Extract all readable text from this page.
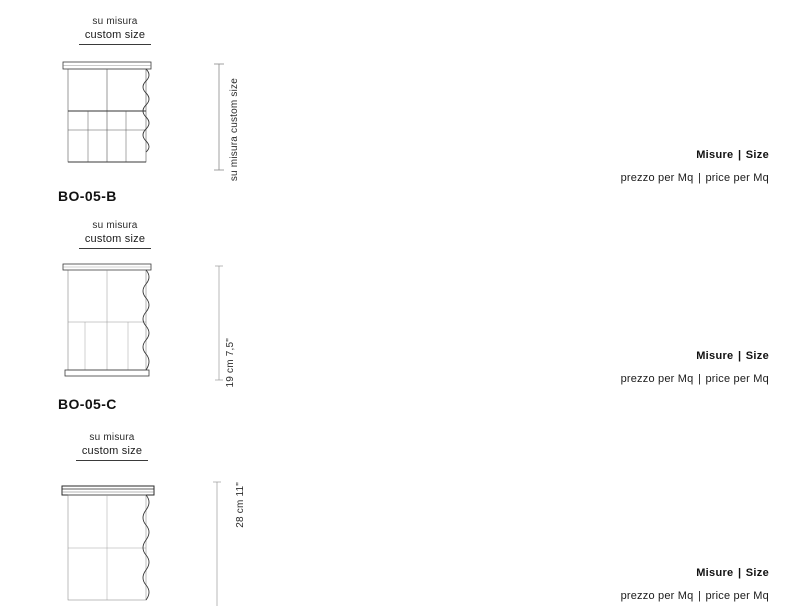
su misura
custom size
su misura custom size
BO-05-B
Misure | Size
prezzo per Mq | price per Mq
su misura
custom size
19 cm 7,5"
BO-05-C
Misure | Size
prezzo per Mq | price per Mq
su misura
custom size
28 cm 11"
Misure | Size
prezzo per Mq | price per Mq
